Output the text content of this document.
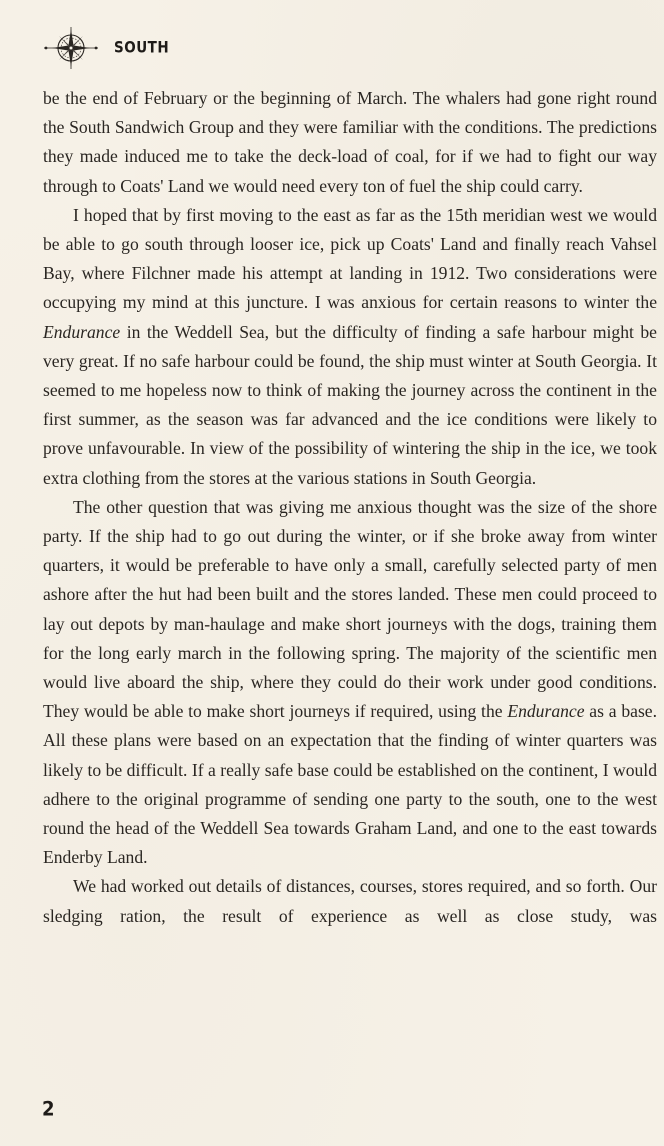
SOUTH

be the end of February or the beginning of March. The whalers had gone right round the South Sandwich Group and they were familiar with the conditions. The predictions they made induced me to take the deck-load of coal, for if we had to fight our way through to Coats' Land we would need every ton of fuel the ship could carry.

I hoped that by first moving to the east as far as the 15th meridian west we would be able to go south through looser ice, pick up Coats' Land and finally reach Vahsel Bay, where Filchner made his attempt at landing in 1912. Two considerations were occupying my mind at this juncture. I was anxious for certain reasons to winter the Endurance in the Weddell Sea, but the difficulty of finding a safe harbour might be very great. If no safe harbour could be found, the ship must winter at South Georgia. It seemed to me hopeless now to think of making the journey across the continent in the first summer, as the season was far advanced and the ice conditions were likely to prove unfavourable. In view of the possibility of wintering the ship in the ice, we took extra clothing from the stores at the various stations in South Georgia.

The other question that was giving me anxious thought was the size of the shore party. If the ship had to go out during the winter, or if she broke away from winter quarters, it would be preferable to have only a small, carefully selected party of men ashore after the hut had been built and the stores landed. These men could proceed to lay out depots by man-haulage and make short journeys with the dogs, training them for the long early march in the following spring. The majority of the scientific men would live aboard the ship, where they could do their work under good conditions. They would be able to make short journeys if required, using the Endurance as a base. All these plans were based on an expectation that the finding of winter quarters was likely to be difficult. If a really safe base could be established on the continent, I would adhere to the original programme of sending one party to the south, one to the west round the head of the Weddell Sea towards Graham Land, and one to the east towards Enderby Land.

We had worked out details of distances, courses, stores required, and so forth. Our sledging ration, the result of experience as well as close study, was

2
